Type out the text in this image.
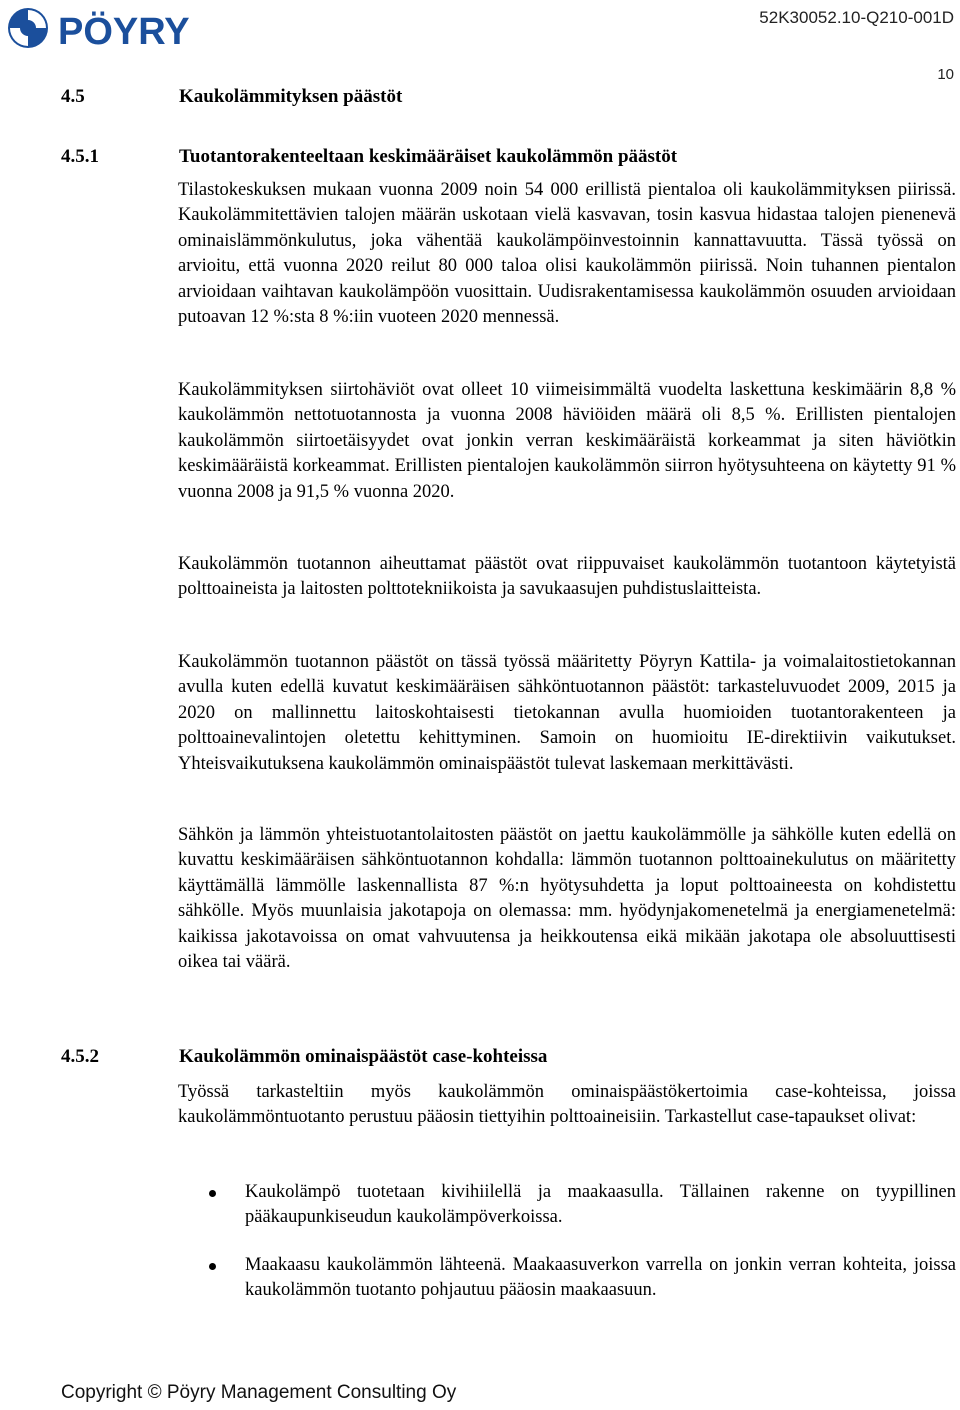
PÖYRY	52K30052.10-Q210-001D
10
4.5	Kaukolämmityksen päästöt
4.5.1	Tuotantorakenteeltaan keskimääräiset kaukolämmön päästöt

Tilastokeskuksen mukaan vuonna 2009 noin 54 000 erillistä pientaloa oli kaukolämmityksen piirissä. Kaukolämmitettävien talojen määrän uskotaan vielä kasvavan, tosin kasvua hidastaa talojen pienenevä ominaislämmönkulutus, joka vähentää kaukolämpöinvestoinnin kannattavuutta. Tässä työssä on arvioitu, että vuonna 2020 reilut 80 000 taloa olisi kaukolämmön piirissä. Noin tuhannen pientalon arvioidaan vaihtavan kaukolämpöön vuosittain. Uudisrakentamisessa kaukolämmön osuuden arvioidaan putoavan 12 %:sta 8 %:iin vuoteen 2020 mennessä.

Kaukolämmityksen siirtohäviöt ovat olleet 10 viimeisimmältä vuodelta laskettuna keskimäärin 8,8 % kaukolämmön nettotuotannosta ja vuonna 2008 häviöiden määrä oli 8,5 %. Erillisten pientalojen kaukolämmön siirtoetäisyydet ovat jonkin verran keskimääräistä korkeammat ja siten häviötkin keskimääräistä korkeammat. Erillisten pientalojen kaukolämmön siirron hyötysuhteena on käytetty 91 % vuonna 2008 ja 91,5 % vuonna 2020.

Kaukolämmön tuotannon aiheuttamat päästöt ovat riippuvaiset kaukolämmön tuotantoon käytetyistä polttoaineista ja laitosten polttotekniikoista ja savukaasujen puhdistuslaitteista.

Kaukolämmön tuotannon päästöt on tässä työssä määritetty Pöyryn Kattila- ja voimalaitostietokannan avulla kuten edellä kuvatut keskimääräisen sähköntuotannon päästöt: tarkasteluvuodet 2009, 2015 ja 2020 on mallinnettu laitoskohtaisesti tietokannan avulla huomioiden tuotantorakenteen ja polttoainevalintojen oletettu kehittyminen. Samoin on huomioitu IE-direktiivin vaikutukset. Yhteisvaikutuksena kaukolämmön ominaispäästöt tulevat laskemaan merkittävästi.

Sähkön ja lämmön yhteistuotantolaitosten päästöt on jaettu kaukolämmölle ja sähkölle kuten edellä on kuvattu keskimääräisen sähköntuotannon kohdalla: lämmön tuotannon polttoainekulutus on määritetty käyttämällä lämmölle laskennallista 87 %:n hyötysuhdetta ja loput polttoaineesta on kohdistettu sähkölle. Myös muunlaisia jakotapoja on olemassa: mm. hyödynjakomenetelmä ja energiamenetelmä: kaikissa jakotavoissa on omat vahvuutensa ja heikkoutensa eikä mikään jakotapa ole absoluuttisesti oikea tai väärä.

4.5.2	Kaukolämmön ominaispäästöt case-kohteissa

Työssä tarkasteltiin myös kaukolämmön ominaispäästökertoimia case-kohteissa, joissa kaukolämmöntuotanto perustuu pääosin tiettyihin polttoaineisiin. Tarkastellut case-tapaukset olivat:

Kaukolämpö tuotetaan kivihiilellä ja maakaasulla. Tällainen rakenne on tyypillinen pääkaupunkiseudun kaukolämpöverkoissa.
Maakaasu kaukolämmön lähteenä. Maakaasuverkon varrella on jonkin verran kohteita, joissa kaukolämmön tuotanto pohjautuu pääosin maakaasuun.
Copyright © Pöyry Management Consulting Oy
